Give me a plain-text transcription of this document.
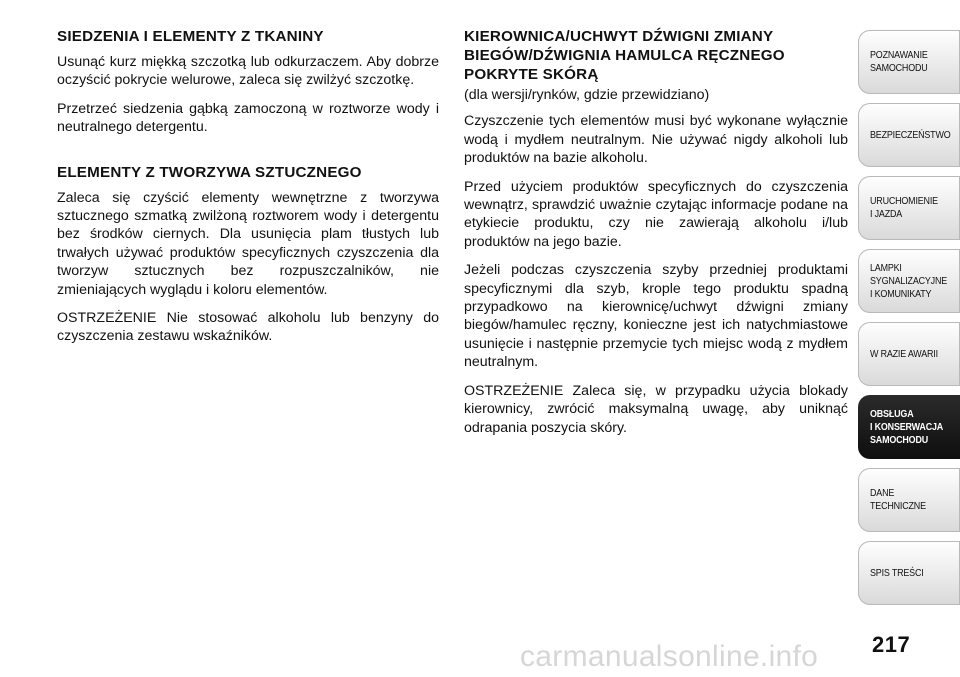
SIEDZENIA I ELEMENTY Z TKANINY

Usunąć kurz miękką szczotką lub odkurzaczem. Aby dobrze oczyścić pokrycie welurowe, zaleca się zwilżyć szczotkę.

Przetrzeć siedzenia gąbką zamoczoną w roztworze wody i neutralnego detergentu.

ELEMENTY Z TWORZYWA SZTUCZNEGO

Zaleca się czyścić elementy wewnętrzne z tworzywa sztucznego szmatką zwilżoną roztworem wody i detergentu bez środków ciernych. Dla usunięcia plam tłustych lub trwałych używać produktów specyficznych czyszczenia dla tworzyw sztucznych bez rozpuszczalników, nie zmieniających wyglądu i koloru elementów.

OSTRZEŻENIE Nie stosować alkoholu lub benzyny do czyszczenia zestawu wskaźników.

KIEROWNICA/UCHWYT DŹWIGNI ZMIANY BIEGÓW/DŹWIGNIA HAMULCA RĘCZNEGO POKRYTE SKÓRĄ

(dla wersji/rynków, gdzie przewidziano)

Czyszczenie tych elementów musi być wykonane wyłącznie wodą i mydłem neutralnym. Nie używać nigdy alkoholi lub produktów na bazie alkoholu.

Przed użyciem produktów specyficznych do czyszczenia wewnątrz, sprawdzić uważnie czytając informacje podane na etykiecie produktu, czy nie zawierają alkoholu i/lub produktów na jego bazie.

Jeżeli podczas czyszczenia szyby przedniej produktami specyficznymi dla szyb, krople tego produktu spadną przypadkowo na kierownicę/uchwyt dźwigni zmiany biegów/hamulec ręczny, konieczne jest ich natychmiastowe usunięcie i następnie przemycie tych miejsc wodą z mydłem neutralnym.

OSTRZEŻENIE Zaleca się, w przypadku użycia blokady kierownicy, zwrócić maksymalną uwagę, aby uniknąć odrapania poszycia skóry.

POZNAWANIE
SAMOCHODU
BEZPIECZEŃSTWO
URUCHOMIENIE
I JAZDA
LAMPKI
SYGNALIZACYJNE
I KOMUNIKATY
W RAZIE AWARII
OBSŁUGA
I KONSERWACJA
SAMOCHODU
DANE
TECHNICZNE
SPIS TREŚCI
carmanualsonline.info 217
